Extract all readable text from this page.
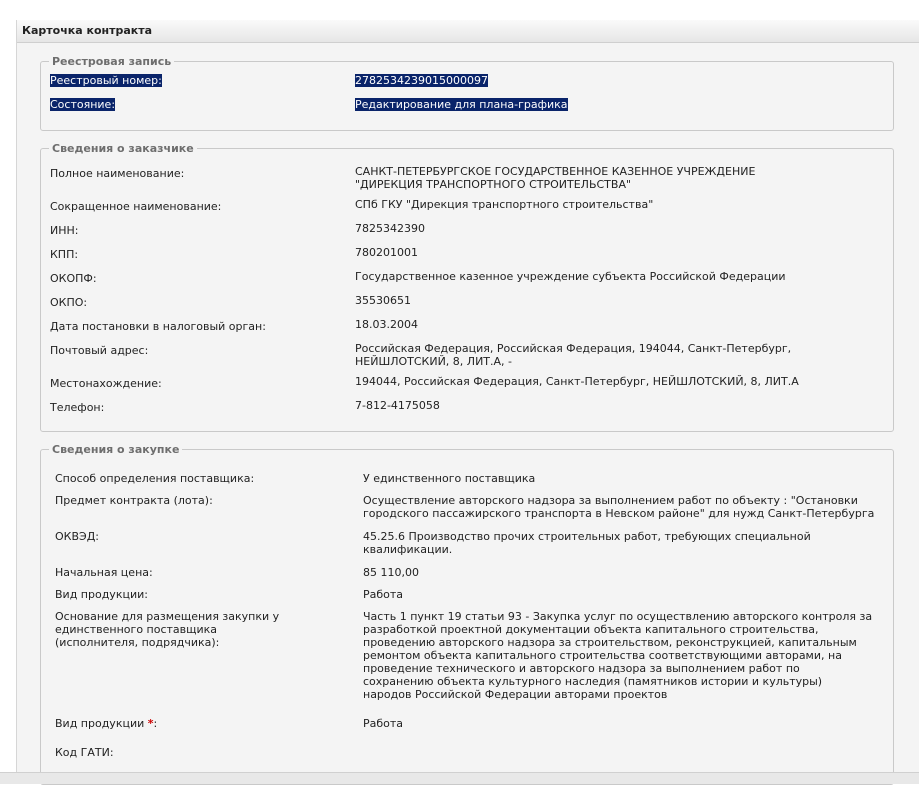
Карточка контракта
Реестровая запись
Реестровый номер:	2782534239015000097
Состояние:	Редактирование для плана-графика
Сведения о заказчике
Полное наименование:	САНКТ-ПЕТЕРБУРГСКОЕ ГОСУДАРСТВЕННОЕ КАЗЕННОЕ УЧРЕЖДЕНИЕ "ДИРЕКЦИЯ ТРАНСПОРТНОГО СТРОИТЕЛЬСТВА"
Сокращенное наименование:	СПб ГКУ "Дирекция транспортного строительства"
ИНН:	7825342390
КПП:	780201001
ОКОПФ:	Государственное казенное учреждение субъекта Российской Федерации
ОКПО:	35530651
Дата постановки в налоговый орган:	18.03.2004
Почтовый адрес:	Российская Федерация, Российская Федерация, 194044, Санкт-Петербург, НЕЙШЛОТСКИЙ, 8, ЛИТ.А, -
Местонахождение:	194044, Российская Федерация, Санкт-Петербург, НЕЙШЛОТСКИЙ, 8, ЛИТ.А
Телефон:	7-812-4175058
Сведения о закупке
Способ определения поставщика:	У единственного поставщика
Предмет контракта (лота):	Осуществление авторского надзора за выполнением работ по объекту : "Остановки городского пассажирского транспорта в Невском районе" для нужд Санкт-Петербурга
ОКВЭД:	45.25.6 Производство прочих строительных работ, требующих специальной квалификации.
Начальная цена:	85 110,00
Вид продукции:	Работа
Основание для размещения закупки у единственного поставщика (исполнителя, подрядчика):
Часть 1 пункт 19 статьи 93 - Закупка услуг по осуществлению авторского контроля за разработкой проектной документации объекта капитального строительства, проведению авторского надзора за строительством, реконструкцией, капитальным ремонтом объекта капитального строительства соответствующими авторами, на проведение технического и авторского надзора за выполнением работ по сохранению объекта культурного наследия (памятников истории и культуры) народов Российской Федерации авторами проектов
Вид продукции *:	Работа
Код ГАТИ:
